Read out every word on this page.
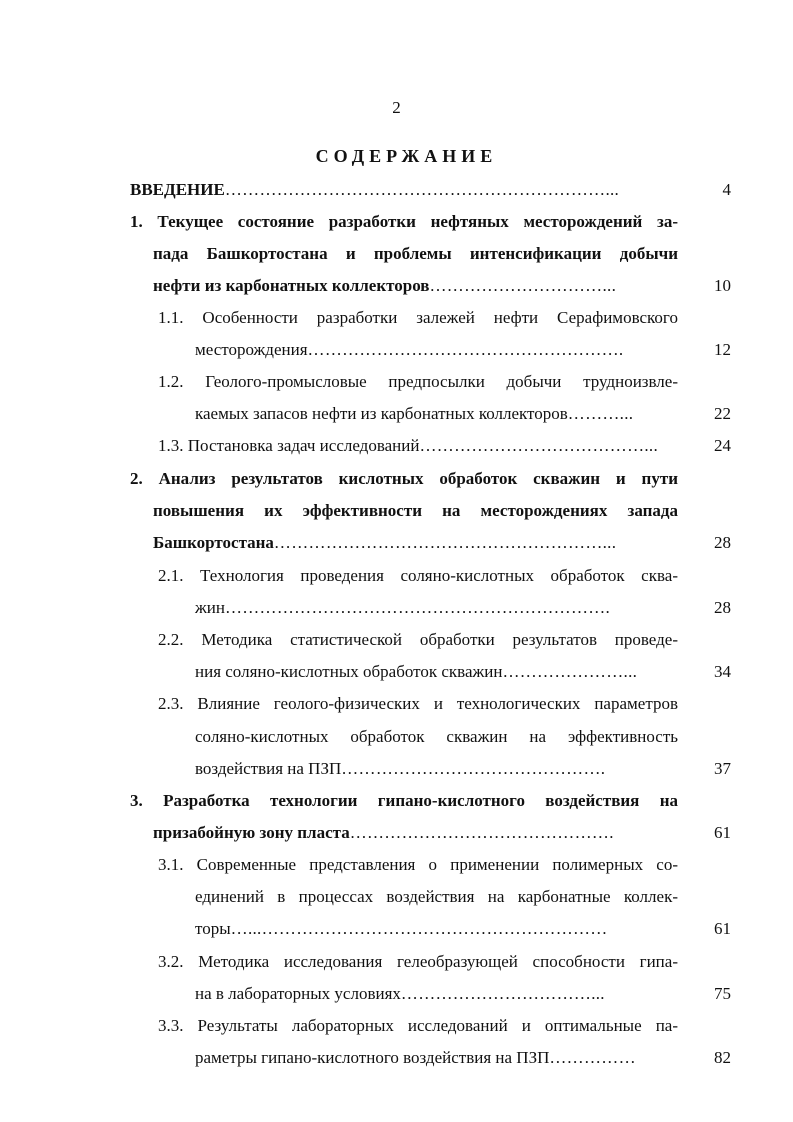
2
СОДЕРЖАНИЕ
ВВЕДЕНИЕ…………………………………………………………...	4
1. Текущее состояние разработки нефтяных месторождений за-
пада Башкортостана и проблемы интенсификации добычи
нефти из карбонатных коллекторов…………………………...	10
1.1. Особенности разработки залежей нефти Серафимовского
месторождения……………………………………………….	12
1.2. Геолого-промысловые предпосылки добычи трудноизвле-
каемых запасов нефти из карбонатных коллекторов………...	22
1.3. Постановка задач исследований…………………………………...	24
2. Анализ результатов кислотных обработок скважин и пути
повышения их эффективности на месторождениях запада
Башкортостана…………………………………………………...	28
2.1. Технология проведения соляно-кислотных обработок сква-
жин………………………………………………………….	28
2.2. Методика статистической обработки результатов проведе-
ния соляно-кислотных обработок скважин…………………...	34
2.3. Влияние геолого-физических и технологических параметров
соляно-кислотных обработок скважин на эффективность
воздействия на ПЗП……………………………………….	37
3. Разработка технологии гипано-кислотного воздействия на
призабойную зону пласта……………………………………….	61
3.1. Современные представления о применении полимерных со-
единений в процессах воздействия на карбонатные коллек-
торы…...……………………………………………………	61
3.2. Методика исследования гелеобразующей способности гипа-
на в лабораторных условиях……………………………...	75
3.3. Результаты лабораторных исследований и оптимальные па-
раметры гипано-кислотного воздействия на ПЗП……………	82
